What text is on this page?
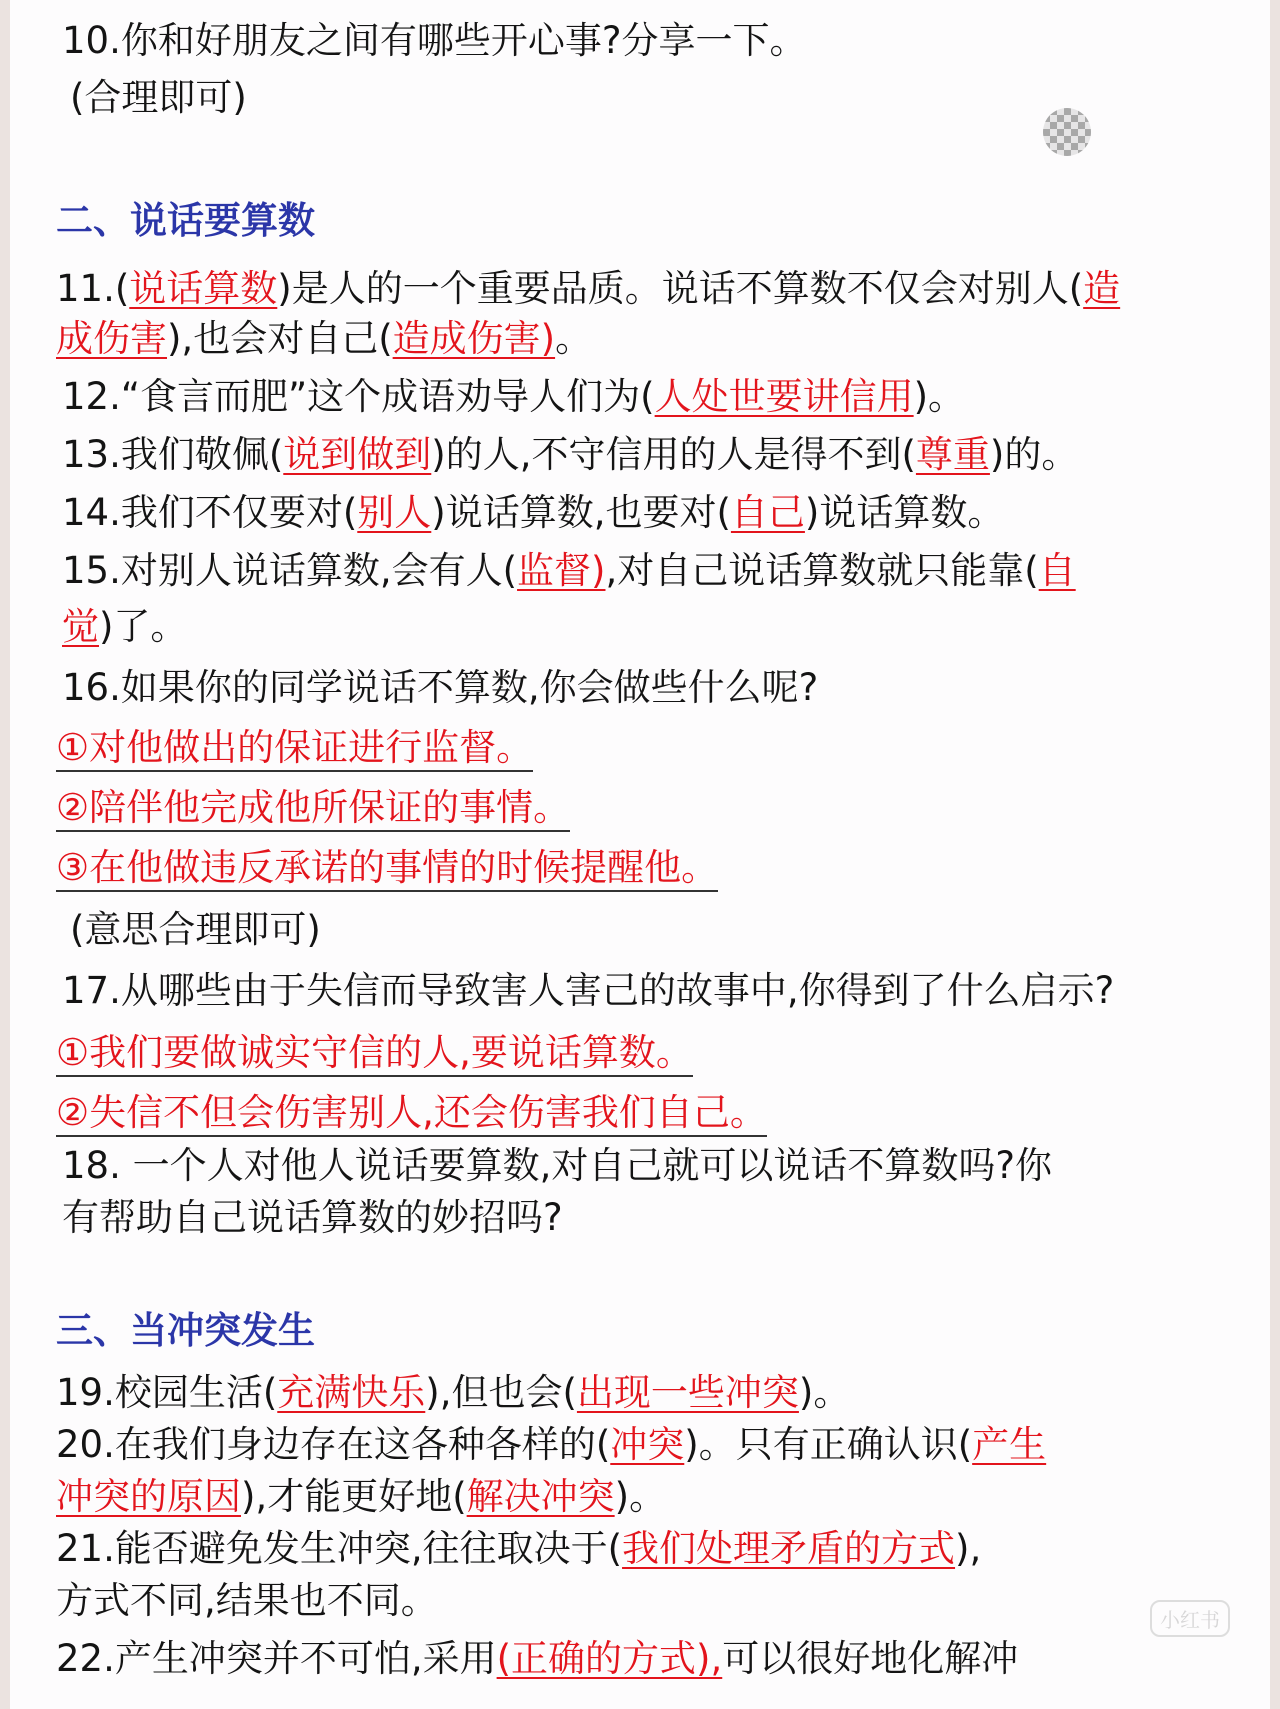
10.你和好朋友之间有哪些开心事?分享一下。
(合理即可)
二、说话要算数
11.(说话算数)是人的一个重要品质。说话不算数不仅会对别人(造
成伤害),也会对自己(造成伤害)。
12.“食言而肥”这个成语劝导人们为(人处世要讲信用)。
13.我们敬佩(说到做到)的人,不守信用的人是得不到(尊重)的。
14.我们不仅要对(别人)说话算数,也要对(自己)说话算数。
15.对别人说话算数,会有人(监督),对自己说话算数就只能靠(自
觉)了。
16.如果你的同学说话不算数,你会做些什么呢?
①对他做出的保证进行监督。
②陪伴他完成他所保证的事情。
③在他做违反承诺的事情的时候提醒他。
(意思合理即可)
17.从哪些由于失信而导致害人害己的故事中,你得到了什么启示?
①我们要做诚实守信的人,要说话算数。
②失信不但会伤害别人,还会伤害我们自己。
18. 一个人对他人说话要算数,对自己就可以说话不算数吗?你
有帮助自己说话算数的妙招吗?
三、当冲突发生
19.校园生活(充满快乐),但也会(出现一些冲突)。
20.在我们身边存在这各种各样的(冲突)。只有正确认识(产生
冲突的原因),才能更好地(解决冲突)。
21.能否避免发生冲突,往往取决于(我们处理矛盾的方式),
方式不同,结果也不同。
22.产生冲突并不可怕,采用(正确的方式),可以很好地化解冲
小红书
